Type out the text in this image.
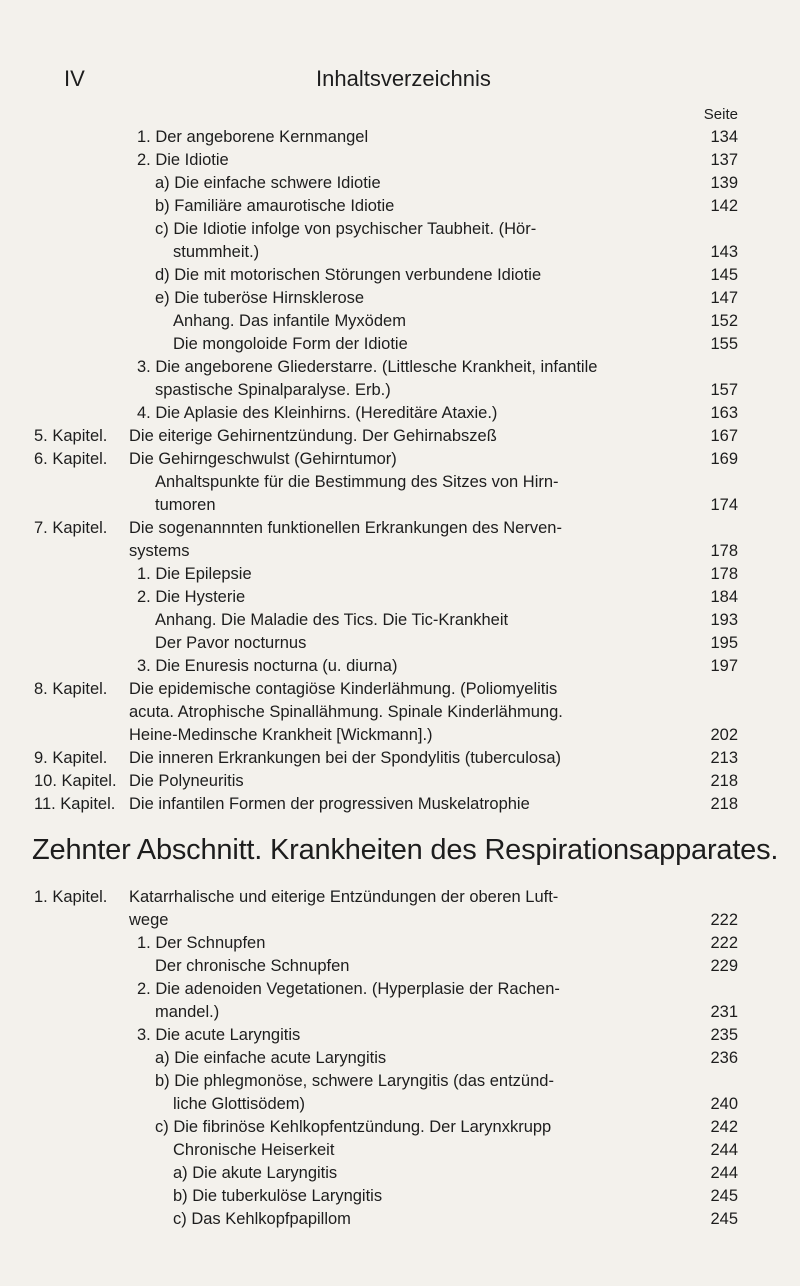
IV	Inhaltsverzeichnis
Seite
1. Der angeborene Kernmangel	134
2. Die Idiotie	137
a) Die einfache schwere Idiotie	139
b) Familiäre amaurotische Idiotie	142
c) Die Idiotie infolge von psychischer Taubheit. (Hör-
stummheit.)	143
d) Die mit motorischen Störungen verbundene Idiotie	145
e) Die tuberöse Hirnsklerose	147
Anhang. Das infantile Myxödem	152
Die mongoloide Form der Idiotie	155
3. Die angeborene Gliederstarre. (Littlesche Krankheit, infantile
spastische Spinalparalyse. Erb.)	157
4. Die Aplasie des Kleinhirns. (Hereditäre Ataxie.)	163
5. Kapitel. Die eiterige Gehirnentzündung. Der Gehirnabszeß	167
6. Kapitel. Die Gehirngeschwulst (Gehirntumor)	169
Anhaltspunkte für die Bestimmung des Sitzes von Hirn-
tumoren	174
7. Kapitel. Die sogenannnten funktionellen Erkrankungen des Nerven-
systems	178
1. Die Epilepsie	178
2. Die Hysterie	184
Anhang. Die Maladie des Tics. Die Tic-Krankheit	193
Der Pavor nocturnus	195
3. Die Enuresis nocturna (u. diurna)	197
8. Kapitel. Die epidemische contagiöse Kinderlähmung. (Poliomyelitis
acuta. Atrophische Spinallähmung. Spinale Kinderlähmung.
Heine-Medinsche Krankheit [Wickmann].)	202
9. Kapitel. Die inneren Erkrankungen bei der Spondylitis (tuberculosa)	213
10. Kapitel. Die Polyneuritis	218
11. Kapitel. Die infantilen Formen der progressiven Muskelatrophie	218
Zehnter Abschnitt. Krankheiten des Respirationsapparates.
1. Kapitel. Katarrhalische und eiterige Entzündungen der oberen Luft-
wege	222
1. Der Schnupfen	222
Der chronische Schnupfen	229
2. Die adenoiden Vegetationen. (Hyperplasie der Rachen-
mandel.)	231
3. Die acute Laryngitis	235
a) Die einfache acute Laryngitis	236
b) Die phlegmonöse, schwere Laryngitis (das entzünd-
liche Glottisödem)	240
c) Die fibrinöse Kehlkopfentzündung. Der Larynxkrupp	242
Chronische Heiserkeit	244
a) Die akute Laryngitis	244
b) Die tuberkulöse Laryngitis	245
c) Das Kehlkopfpapillom	245
